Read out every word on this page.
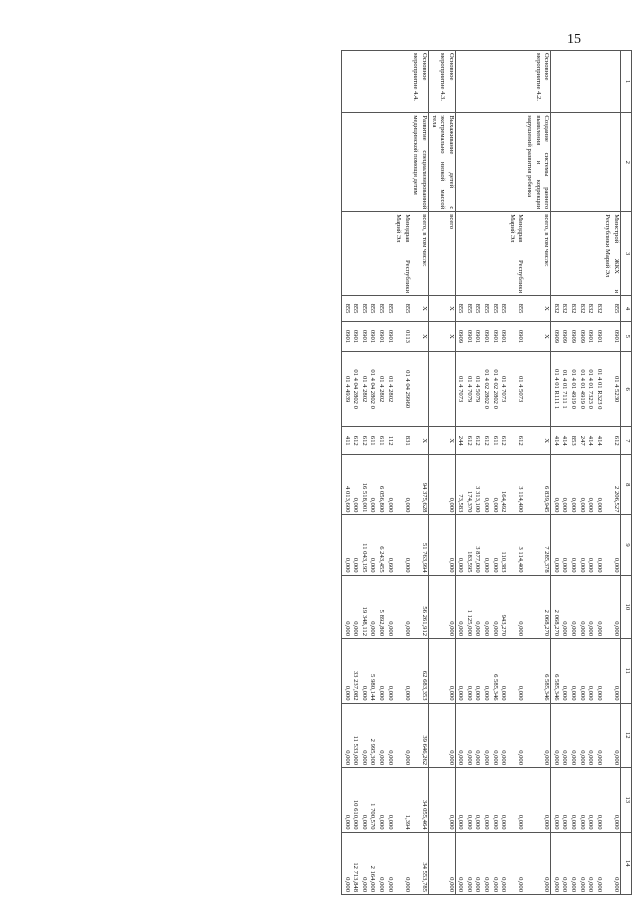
15
1	2	3	4	5	6	7	8	9	10	11	12	13	14
		Минстрой ЖКХ и Республики Марий Эл	855	0901	01 4 5230	612	2 206,527	0,000	0,000	0,000	0,000	0,000	0,000
			832	0901	01 4 01 R323 0	414	0,000	0,000	0,000	0,000	0,000	0,000	0,000
			832	0901	01 4 01 7323 0	414	0,000	0,000	0,000	0,000	0,000	0,000	0,000
			832	0909	01 4 01 4919 0	247	0,000	0,000	0,000	0,000	0,000	0,000	0,000
			832	0909	01 4 01 4919 0	853	0,000	0,000	0,000	0,000	0,000	0,000	0,000
			832	0909	01 4 01 7111 1	414	0,000	0,000	0,000	0,000	0,000	0,000	0,000
			832	0909	01 4 01 R111 1	414	0,000	0,000	2 068,270	6 585,346	0,000	0,000	0,000
Основное мероприятие 4.2.	Создание системы раннего выявления и коррекции нарушений развития ребенка	всего, в том числе:	Х	Х		Х	6 839,945	7 285,378	2 068,270	6 585,346	0,000	0,000	0,000
		Минздрав Республики Марий Эл	855	0901	01 4 5073	612	3 114,400	3 114,400	0,000	0,000	0,000	0,000	0,000
			855	0901	01 4 7073	612	164,492	110,383	943,270	0,000	0,000	0,000	0,000
			855	0901	01 4 02 2802 0	611	0,000	0,000	0,000	6 585,346	0,000	0,000	0,000
			855	0901	01 4 02 2802 0	612	0,000	0,000	0,000	0,000	0,000	0,000	0,000
			855	0901	01 4 5079	612	3 313,100	3 877,000	0,000	0,000	0,000	0,000	0,000
			855	0901	01 4 7079	612	174,370	183,595	1 125,000	0,000	0,000	0,000	0,000
			855	0909	01 4 7073	244	73,583	0,000	0,000	0,000	0,000	0,000	0,000
Основное мероприятие 4.3.	Выхаживание детей с экстремально низкой массой тела	всего	Х	Х		Х	0,000	0,000	0,000	0,000	0,000	0,000	0,000
Основное мероприятие 4.4.	Развитие специализированной медицинской помощи детям	всего, в том числе:	Х	Х		Х	94 375,628	51 763,994	56 261,912	62 683,353	39 646,262	34 055,464	34 553,785
		Минздрав Республики Марий Эл	855	0113	01 4 04 29960	831	0,000	0,000	0,000	0,000	0,000	1,394	0,000
			855	0901	01 4 2802	112	0,000	0,600	0,000	0,000	0,000	0,000	0,000
			855	0901	01 4 2802	611	6 056,800	6 243,455	5 892,800	0,000	0,000	0,000	0,000
			855	0901	01 4 04 2802 0	611	0,000	0,000	0,000	5 980,144	2 995,300	1 700,570	2 164,000
			855	0901	01 4 2802	612	16 518,001	11 043,195	19 348,112	0,000	0,000	0,000	0,000
			855	0901	01 4 04 2802 0	612	0,000	0,000	0,000	33 237,082	11 533,000	10 610,000	12 713,848
			855	0901	01 4 4939	411	4 013,600	0,000	0,000	0,000	0,000	0,000	0,000
